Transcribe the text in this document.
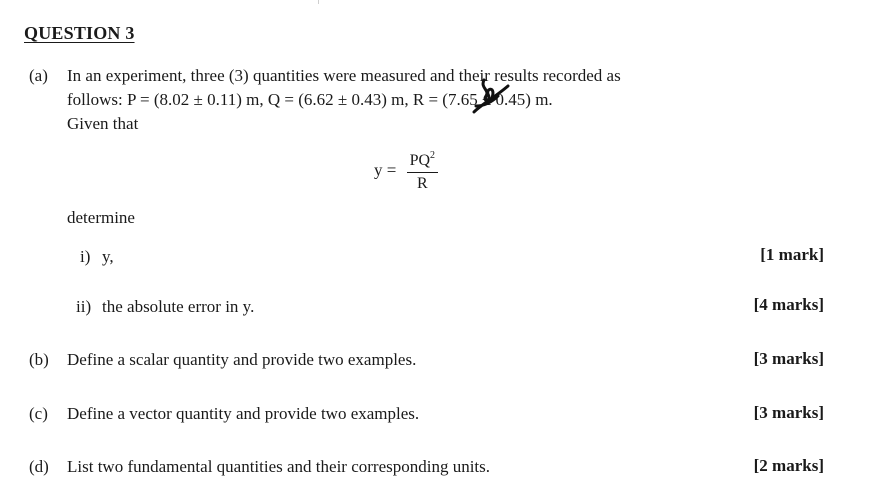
QUESTION 3
(a) In an experiment, three (3) quantities were measured and their results recorded as
follows: P = (8.02 ± 0.11) m, Q = (6.62 ± 0.43) m, R = (7.65 ± 0.45) m.
Given that
$y = \frac{PQ^2}{R}$
determine
i) y,	[1 mark]
ii) the absolute error in y.	[4 marks]
(b) Define a scalar quantity and provide two examples.	[3 marks]
(c) Define a vector quantity and provide two examples.	[3 marks]
(d) List two fundamental quantities and their corresponding units.	[2 marks]
